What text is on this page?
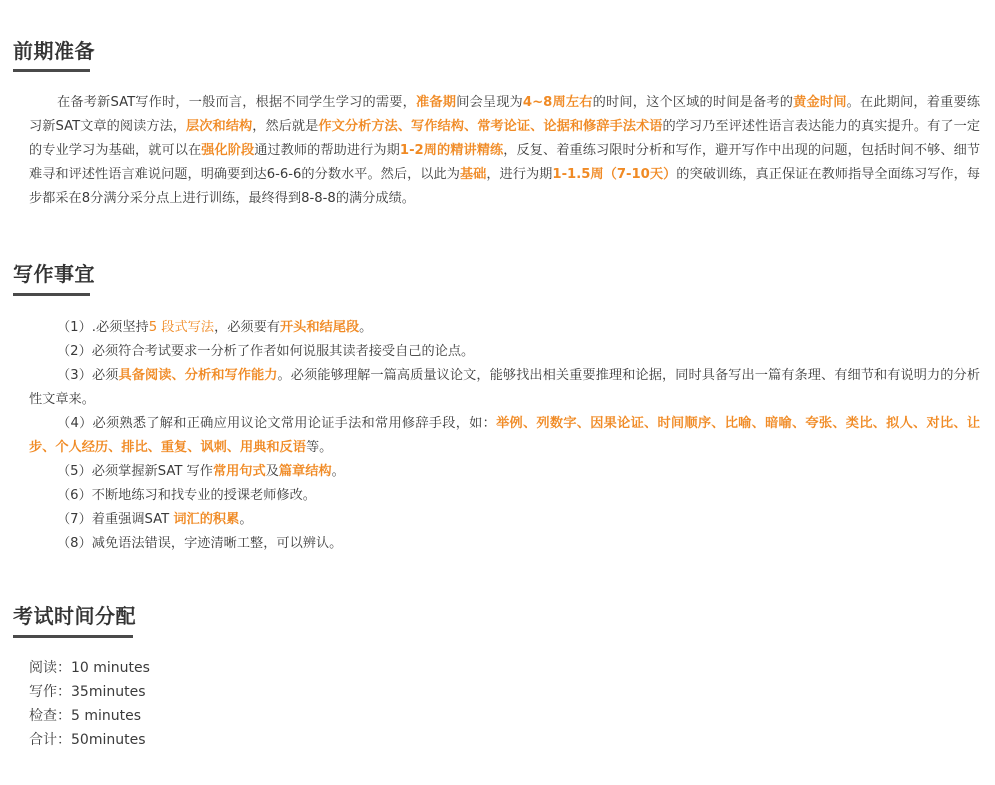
前期准备

在备考新SAT写作时，一般而言，根据不同学生学习的需要，准备期间会呈现为4~8周左右的时间，这个区域的时间是备考的黄金时间。在此期间，着重要练习新SAT文章的阅读方法，层次和结构，然后就是作文分析方法、写作结构、常考论证、论据和修辞手法术语的学习乃至评述性语言表达能力的真实提升。有了一定的专业学习为基础，就可以在强化阶段通过教师的帮助进行为期1-2周的精讲精练，反复、着重练习限时分析和写作，避开写作中出现的问题，包括时间不够、细节难寻和评述性语言难说问题，明确要到达6-6-6的分数水平。然后，以此为基础，进行为期1-1.5周（7-10天）的突破训练，真正保证在教师指导全面练习写作，每步都采在8分满分采分点上进行训练，最终得到8-8-8的满分成绩。

写作事宜
（1）.必须坚持5 段式写法，必须要有开头和结尾段。
（2）必须符合考试要求一分析了作者如何说服其读者接受自己的论点。

（3）必须具备阅读、分析和写作能力。必须能够理解一篇高质量议论文，能够找出相关重要推理和论据，同时具备写出一篇有条理、有细节和有说明力的分析性文章来。

（4）必须熟悉了解和正确应用议论文常用论证手法和常用修辞手段，如：举例、列数字、因果论证、时间顺序、比喻、暗喻、夸张、类比、拟人、对比、让步、个人经历、排比、重复、讽刺、用典和反语等。

（5）必须掌握新SAT 写作常用句式及篇章结构。
（6）不断地练习和找专业的授课老师修改。
（7）着重强调SAT 词汇的积累。
（8）减免语法错误，字迹清晰工整，可以辨认。
考试时间分配
阅读：10 minutes
写作：35minutes
检查：5 minutes
合计：50minutes
